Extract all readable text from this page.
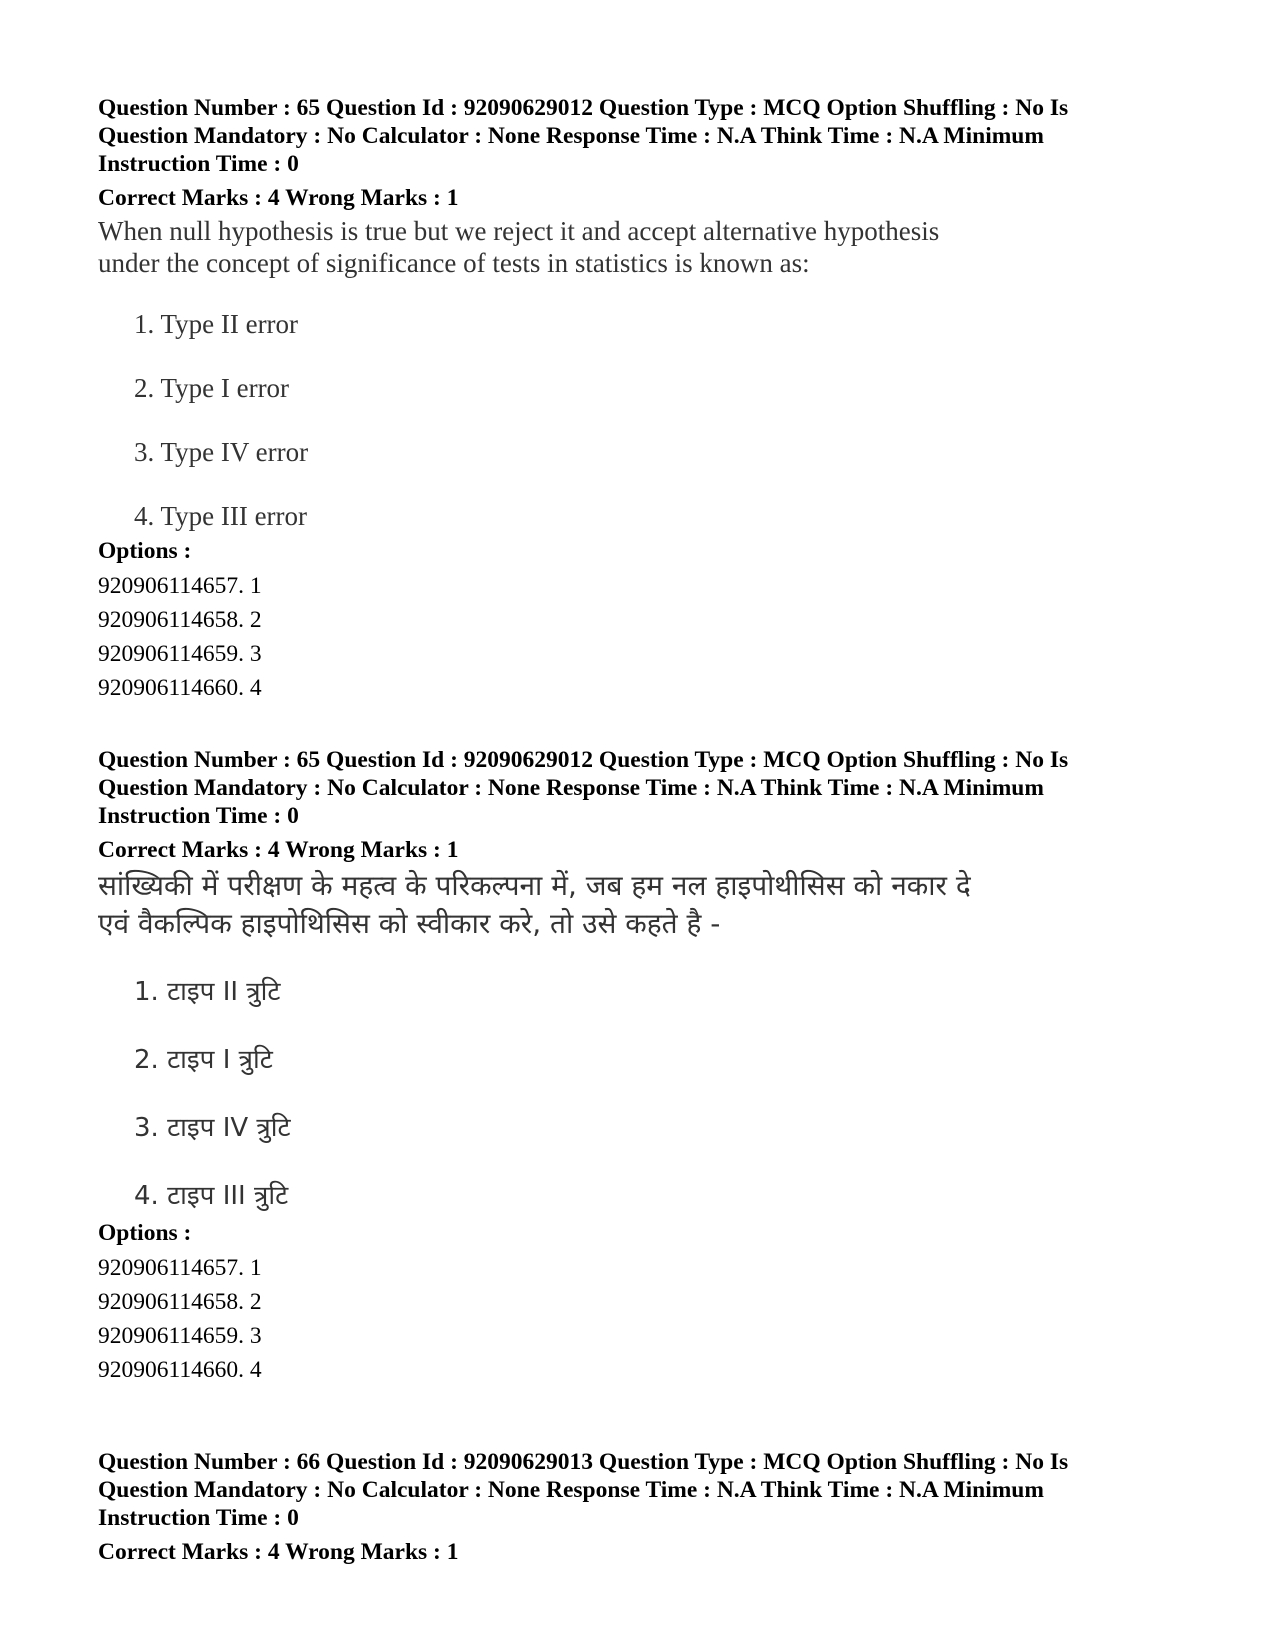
Question Number : 65 Question Id : 92090629012 Question Type : MCQ Option Shuffling : No Is
Question Mandatory : No Calculator : None Response Time : N.A Think Time : N.A Minimum
Instruction Time : 0
Correct Marks : 4 Wrong Marks : 1
When null hypothesis is true but we reject it and accept alternative hypothesis
under the concept of significance of tests in statistics is known as:
1. Type II error
2. Type I error
3. Type IV error
4. Type III error
Options :
920906114657. 1
920906114658. 2
920906114659. 3
920906114660. 4
Question Number : 65 Question Id : 92090629012 Question Type : MCQ Option Shuffling : No Is
Question Mandatory : No Calculator : None Response Time : N.A Think Time : N.A Minimum
Instruction Time : 0
Correct Marks : 4 Wrong Marks : 1
सांख्यिकी में परीक्षण के महत्व के परिकल्पना में, जब हम नल हाइपोथीसिस को नकार दे
एवं वैकल्पिक हाइपोथिसिस को स्वीकार करे, तो उसे कहते है -
1. टाइप II त्रुटि
2. टाइप I त्रुटि
3. टाइप IV त्रुटि
4. टाइप III त्रुटि
Options :
920906114657. 1
920906114658. 2
920906114659. 3
920906114660. 4
Question Number : 66 Question Id : 92090629013 Question Type : MCQ Option Shuffling : No Is
Question Mandatory : No Calculator : None Response Time : N.A Think Time : N.A Minimum
Instruction Time : 0
Correct Marks : 4 Wrong Marks : 1
